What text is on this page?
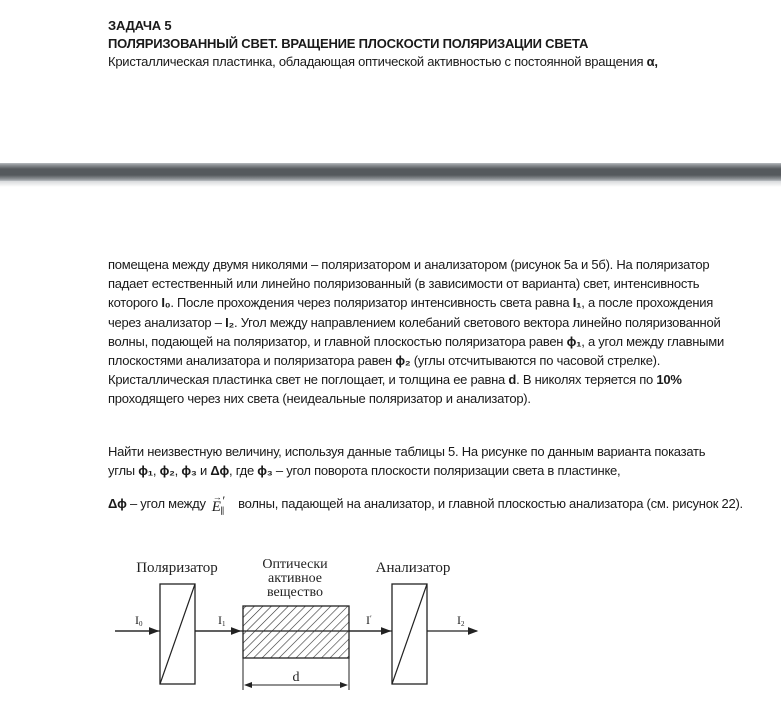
ЗАДАЧА 5
ПОЛЯРИЗОВАННЫЙ СВЕТ. ВРАЩЕНИЕ ПЛОСКОСТИ ПОЛЯРИЗАЦИИ СВЕТА
Кристаллическая пластинка, обладающая оптической активностью с постоянной вращения α,
помещена между двумя николями – поляризатором и анализатором (рисунок 5а и 5б). На поляризатор падает естественный или линейно поляризованный (в зависимости от варианта) свет, интенсивность которого I₀. После прохождения через поляризатор интенсивность света равна I₁, а после прохождения через анализатор – I₂. Угол между направлением колебаний светового вектора линейно поляризованной волны, подающей на поляризатор, и главной плоскостью поляризатора равен ϕ₁, а угол между главными плоскостями анализатора и поляризатора равен ϕ₂ (углы отсчитываются по часовой стрелке). Кристаллическая пластинка свет не поглощает, и толщина ее равна d. В николях теряется по 10% проходящего через них света (неидеальные поляризатор и анализатор).
Найти неизвестную величину, используя данные таблицы 5. На рисунке по данным варианта показать углы ϕ₁, ϕ₂, ϕ₃ и Δϕ, где ϕ₃ – угол поворота плоскости поляризации света в пластинке,
Δϕ – угол между →
$E'_\parallel$ волны, падающей на анализатор, и главной плоскостью анализатора (см. рисунок 22).
Поляризатор	Оптически
активное
вещество
Анализатор
I0	I1	I′	I2
d
